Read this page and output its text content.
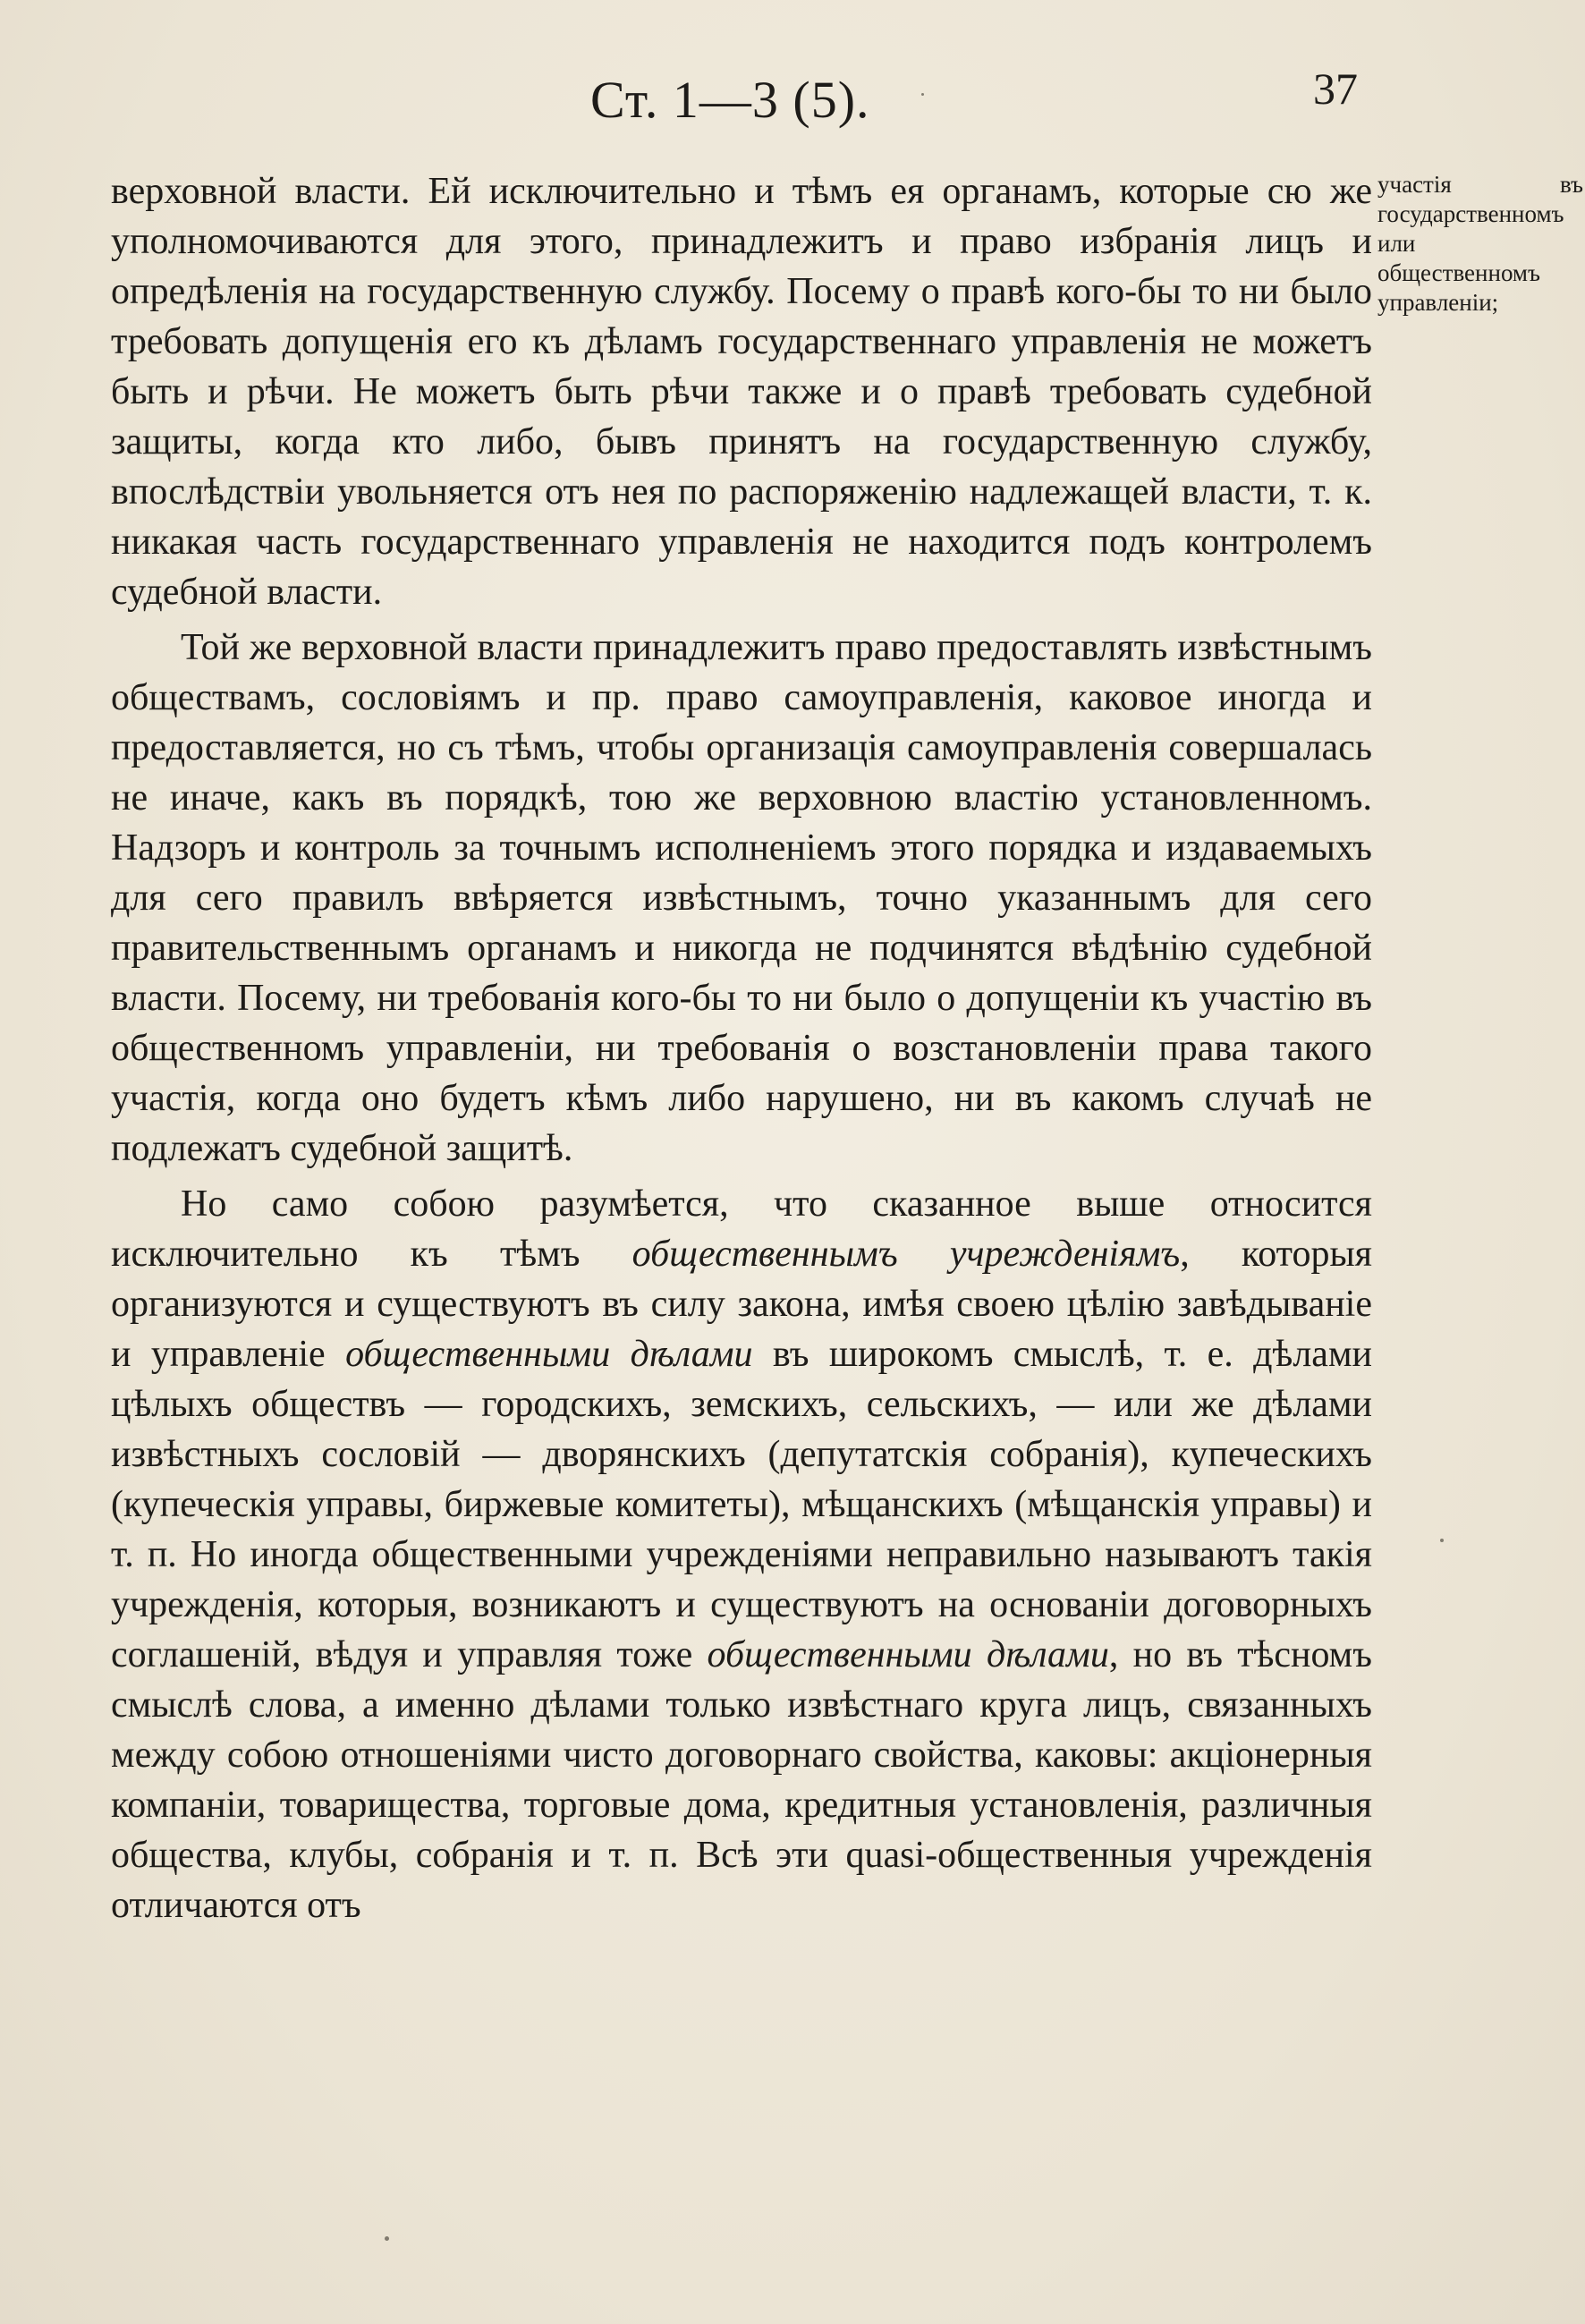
Ст. 1—3 (5).	37

верховной власти. Ей исключительно и тѣмъ ея органамъ, которые сю же уполномочиваются для этого, принадлежитъ и право избранія лицъ и опредѣленія на государственную службу. Посему о правѣ кого-бы то ни было требовать допущенія его къ дѣламъ государственнаго управленія не можетъ быть и рѣчи. Не можетъ быть рѣчи также и о правѣ требовать судебной защиты, когда кто либо, бывъ принятъ на государственную службу, впослѣдствіи увольняется отъ нея по распоряженію надлежащей власти, т. к. никакая часть государственнаго управленія не находится подъ контролемъ судебной власти.

Той же верховной власти принадлежитъ право предоставлять извѣстнымъ обществамъ, сословіямъ и пр. право самоуправленія, каковое иногда и предоставляется, но съ тѣмъ, чтобы организація самоуправленія совершалась не иначе, какъ въ порядкѣ, тою же верховною властію установленномъ. Надзоръ и контроль за точнымъ исполненіемъ этого порядка и издаваемыхъ для сего правилъ ввѣряется извѣстнымъ, точно указаннымъ для сего правительственнымъ органамъ и никогда не подчинятся вѣдѣнію судебной власти. Посему, ни требованія кого-бы то ни было о допущеніи къ участію въ общественномъ управленіи, ни требованія о возстановленіи права такого участія, когда оно будетъ кѣмъ либо нарушено, ни въ какомъ случаѣ не подлежатъ судебной защитѣ.

Но само собою разумѣется, что сказанное выше относится исключительно къ тѣмъ общественнымъ учрежденіямъ, которыя организуются и существуютъ въ силу закона, имѣя своею цѣлію завѣдываніе и управленіе общественными дѣлами въ широкомъ смыслѣ, т. е. дѣлами цѣлыхъ обществъ — городскихъ, земскихъ, сельскихъ, — или же дѣлами извѣстныхъ сословій — дворянскихъ (депутатскія собранія), купеческихъ (купеческія управы, биржевые комитеты), мѣщанскихъ (мѣщанскія управы) и т. п. Но иногда общественными учрежденіями неправильно называютъ такія учрежденія, которыя, возникаютъ и существуютъ на основаніи договорныхъ соглашеній, вѣдуя и управляя тоже общественными дѣлами, но въ тѣсномъ смыслѣ слова, а именно дѣлами только извѣстнаго круга лицъ, связанныхъ между собою отношеніями чисто договорнаго свойства, каковы: акціонерныя компаніи, товарищества, торговые дома, кредитныя установленія, различныя общества, клубы, собранія и т. п. Всѣ эти quasi-общественныя учрежденія отличаются отъ

участія въ государственномъ или общественномъ управленіи;
